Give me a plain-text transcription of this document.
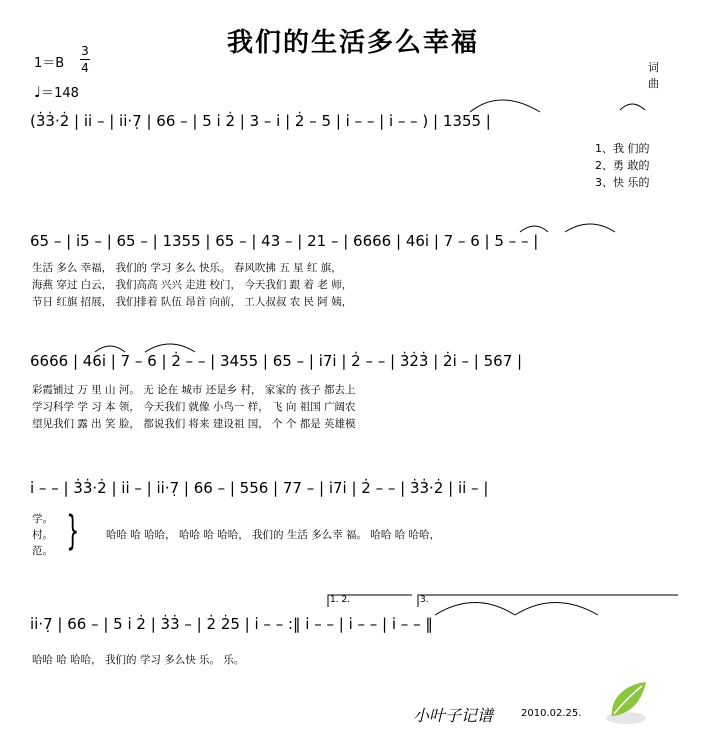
我们的生活多么幸福
1＝B
3
4
♩＝148
词
曲
(3̇3̇·2̇ | i̇i̇ – | i̇i̇·7̣ | 66 – | 5 i̇ 2̇ | 3 – i̇ | 2̇ – 5 | i̇ – – | i̇ – – ) | 1355 |
1、我 们的
2、勇 敢的
3、快 乐的
65 – | i̇5 – | 65 – | 1355 | 65 – | 43 – | 21 – | 6666 | 46i̇ | 7 – 6 | 5 – – |
生活 多么 幸福， 我们的 学习 多么 快乐。 春风吹拂 五 星 红 旗，
海燕 穿过 白云， 我们高高 兴兴 走进 校门， 今天我们 跟 着 老 师，
节日 红旗 招展， 我们排着 队伍 昂首 向前， 工人叔叔 农 民 阿 姨，
6666 | 46i̇ | 7 – 6 | 2̇ – – | 3455 | 65 – | i̇7i̇ | 2̇ – – | 3̇2̇3̇ | 2̇i̇ – | 567 |
彩霞铺过 万 里 山 河。 无 论在 城市 还是乡 村， 家家的 孩子 都去上
学习科学 学 习 本 领， 今天我们 就像 小鸟一 样， 飞 向 祖国 广阔农
望见我们 露 出 笑 脸， 都说我们 将来 建设祖 国， 个 个 都是 英雄模
i̇ – – | 3̇3̇·2̇ | i̇i̇ – | i̇i̇·7̣ | 66 – | 556 | 77 – | i̇7i̇ | 2̇ – – | 3̇3̇·2̇ | i̇i̇ – |
学。
村。
范。 }	哈哈 哈 哈哈， 哈哈 哈 哈哈， 我们的 生活 多么幸 福。 哈哈 哈 哈哈，
1. 2.	3.
i̇i̇·7̣ | 66 – | 5 i̇ 2̇ | 3̇3̇ – | 2̇ 2̇5 | i̇ – – :‖ i̇ – – | i̇ – – | i̇ – – ‖
哈哈 哈 哈哈， 我们的 学习 多么快 乐。 乐。
小叶子记谱	2010.02.25.
